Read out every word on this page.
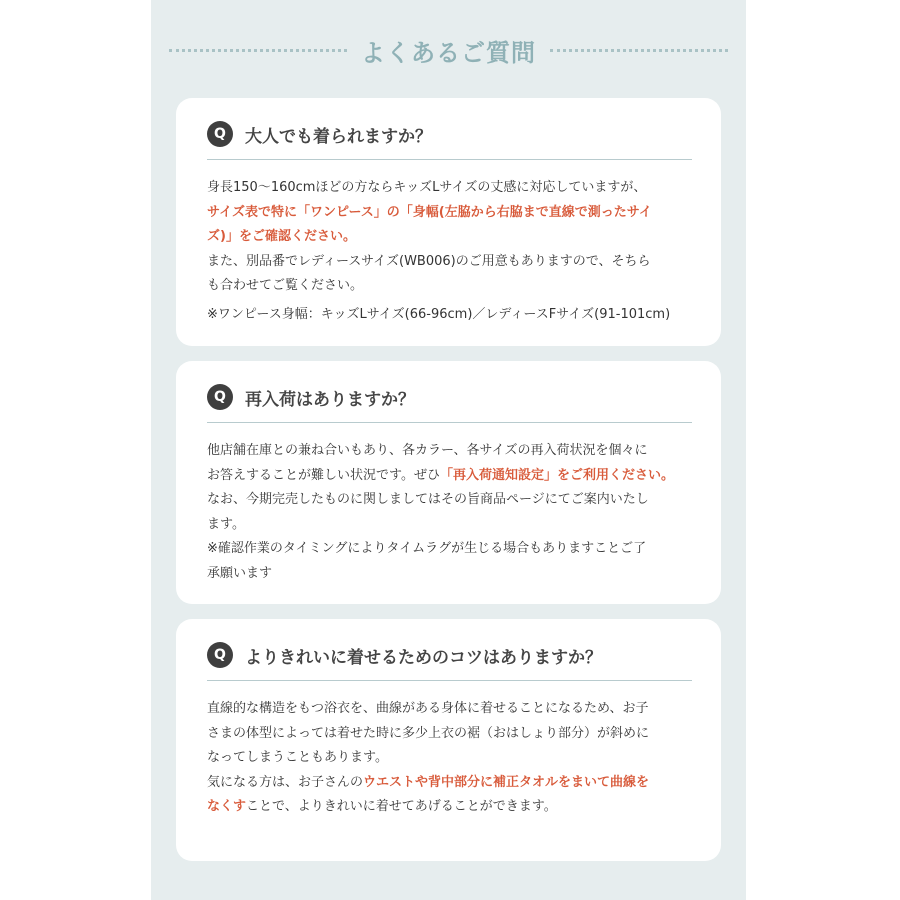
よくあるご質問
Q	大人でも着られますか？
身長150〜160cmほどの方ならキッズLサイズの丈感に対応していますが、
サイズ表で特に「ワンピース」の「身幅(左脇から右脇まで直線で測ったサイ
ズ)」をご確認ください。
また、別品番でレディースサイズ(WB006)のご用意もありますので、そちら
も合わせてご覧ください。
※ワンピース身幅：キッズLサイズ(66-96cm)／レディースFサイズ(91-101cm)
Q	再入荷はありますか？
他店舗在庫との兼ね合いもあり、各カラー、各サイズの再入荷状況を個々に
お答えすることが難しい状況です。ぜひ「再入荷通知設定」をご利用ください。
なお、今期完売したものに関しましてはその旨商品ページにてご案内いたし
ます。
※確認作業のタイミングによりタイムラグが生じる場合もありますことご了
承願います
Q	よりきれいに着せるためのコツはありますか？
直線的な構造をもつ浴衣を、曲線がある身体に着せることになるため、お子
さまの体型によっては着せた時に多少上衣の裾（おはしょり部分）が斜めに
なってしまうこともあります。
気になる方は、お子さんのウエストや背中部分に補正タオルをまいて曲線を
なくすことで、よりきれいに着せてあげることができます。
